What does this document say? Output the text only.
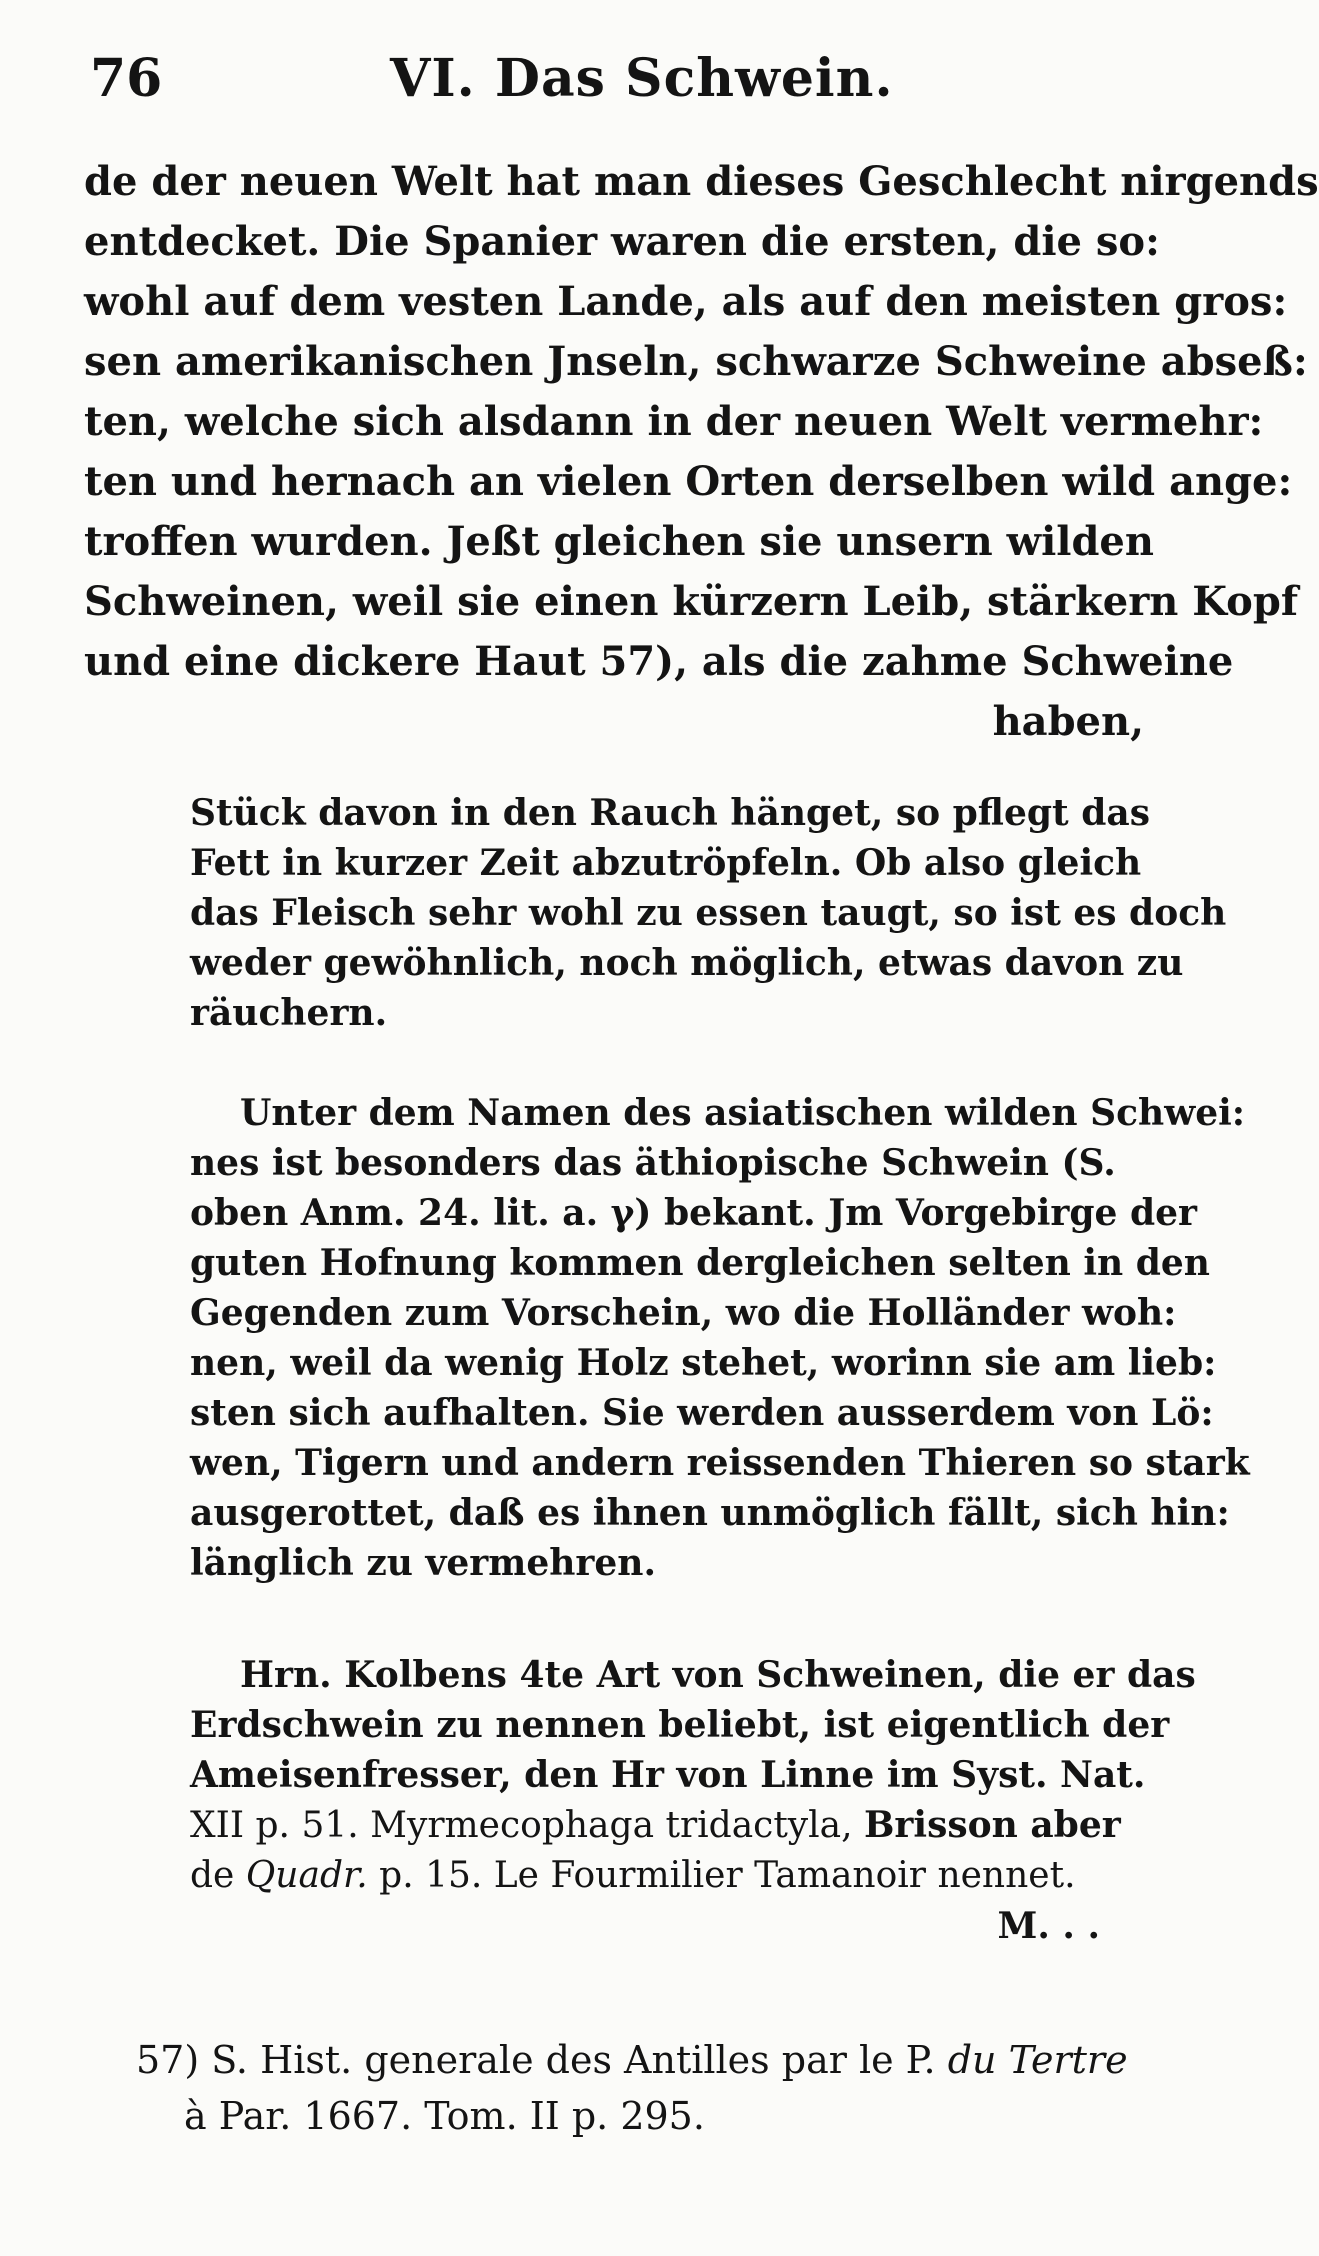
76	VI. Das Schwein.
de der neuen Welt hat man dieses Geschlecht nirgends
entdecket. Die Spanier waren die ersten, die so:
wohl auf dem vesten Lande, als auf den meisten gros:
sen amerikanischen Jnseln, schwarze Schweine abseß:
ten, welche sich alsdann in der neuen Welt vermehr:
ten und hernach an vielen Orten derselben wild ange:
troffen wurden. Jeßt gleichen sie unsern wilden
Schweinen, weil sie einen kürzern Leib, stärkern Kopf
und eine dickere Haut 57), als die zahme Schweine
haben,
Stück davon in den Rauch hänget, so pflegt das
Fett in kurzer Zeit abzutröpfeln. Ob also gleich
das Fleisch sehr wohl zu essen taugt, so ist es doch
weder gewöhnlich, noch möglich, etwas davon zu
räuchern.
Unter dem Namen des asiatischen wilden Schwei:
nes ist besonders das äthiopische Schwein (S.
oben Anm. 24. lit. a. γ) bekant. Jm Vorgebirge der
guten Hofnung kommen dergleichen selten in den
Gegenden zum Vorschein, wo die Holländer woh:
nen, weil da wenig Holz stehet, worinn sie am lieb:
sten sich aufhalten. Sie werden ausserdem von Lö:
wen, Tigern und andern reissenden Thieren so stark
ausgerottet, daß es ihnen unmöglich fällt, sich hin:
länglich zu vermehren.
Hrn. Kolbens 4te Art von Schweinen, die er das
Erdschwein zu nennen beliebt, ist eigentlich der
Ameisenfresser, den Hr von Linne im Syst. Nat.
XII p. 51. Myrmecophaga tridactyla, Brisson aber
de Quadr. p. 15. Le Fourmilier Tamanoir nennet.
M. . .
57) S. Hist. generale des Antilles par le P. du Tertre
à Par. 1667. Tom. II p. 295.
